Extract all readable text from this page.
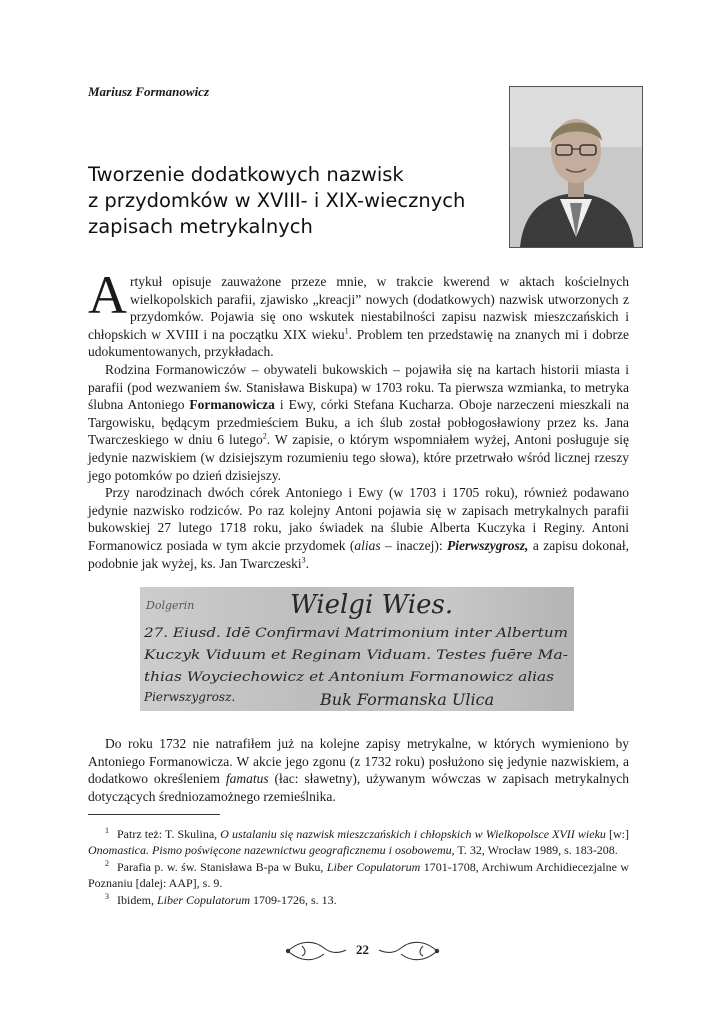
Mariusz Formanowicz
Tworzenie dodatkowych nazwisk
z przydomków w XVIII- i XIX-wiecznych
zapisach metrykalnych

Artykuł opisuje zauważone przeze mnie, w trakcie kwerend w aktach kościelnych wielkopolskich parafii, zjawisko „kreacji” nowych (dodatkowych) nazwisk utworzonych z przydomków. Pojawia się ono wskutek niestabilności zapisu nazwisk mieszczańskich i chłopskich w XVIII i na początku XIX wieku$^1$. Problem ten przedstawię na znanych mi i dobrze udokumentowanych, przykładach.

Rodzina Formanowiczów – obywateli bukowskich – pojawiła się na kartach historii miasta i parafii (pod wezwaniem św. Stanisława Biskupa) w 1703 roku. Ta pierwsza wzmianka, to metryka ślubna Antoniego Formanowicza i Ewy, córki Stefana Kucharza. Oboje narzeczeni mieszkali na Targowisku, będącym przedmieściem Buku, a ich ślub został pobłogosławiony przez ks. Jana Twarczeskiego w dniu 6 lutego$^2$. W zapisie, o którym wspomniałem wyżej, Antoni posługuje się jedynie nazwiskiem (w dzisiejszym rozumieniu tego słowa), które przetrwało wśród licznej rzeszy jego potomków po dzień dzisiejszy.

Przy narodzinach dwóch córek Antoniego i Ewy (w 1703 i 1705 roku), również podawano jedynie nazwisko rodziców. Po raz kolejny Antoni pojawia się w zapisach metrykalnych parafii bukowskiej 27 lutego 1718 roku, jako świadek na ślubie Alberta Kuczyka i Reginy. Antoni Formanowicz posiada w tym akcie przydomek (alias – inaczej): Pierwszygrosz, a zapisu dokonał, podobnie jak wyżej, ks. Jan Twarczeski$^3$.

Dolgerin	Wielgi Wies.
27. Eiusd. Idē Confirmavi Matrimonium inter Albertum
Kuczyk Viduum et Reginam Viduam. Testes fuēre Ma-
thias Woyciechowicz et Antonium Formanowicz alias
Pierwszygrosz.	Buk Formanska Ulica

Do roku 1732 nie natrafiłem już na kolejne zapisy metrykalne, w których wymieniono by Antoniego Formanowicza. W akcie jego zgonu (z 1732 roku) posłużono się jedynie nazwiskiem, a dodatkowo określeniem famatus (łac: sławetny), używanym wówczas w zapisach metrykalnych dotyczących średniozamożnego rzemieślnika.

$^1$ Patrz też: T. Skulina, O ustalaniu się nazwisk mieszczańskich i chłopskich w Wielkopolsce XVII wieku [w:] Onomastica. Pismo poświęcone nazewnictwu geograficznemu i osobowemu, T. 32, Wrocław 1989, s. 183-208.

$^2$ Parafia p. w. św. Stanisława B-pa w Buku, Liber Copulatorum 1701-1708, Archiwum Archidiecezjalne w Poznaniu [dalej: AAP], s. 9.

$^3$ Ibidem, Liber Copulatorum 1709-1726, s. 13.

22
